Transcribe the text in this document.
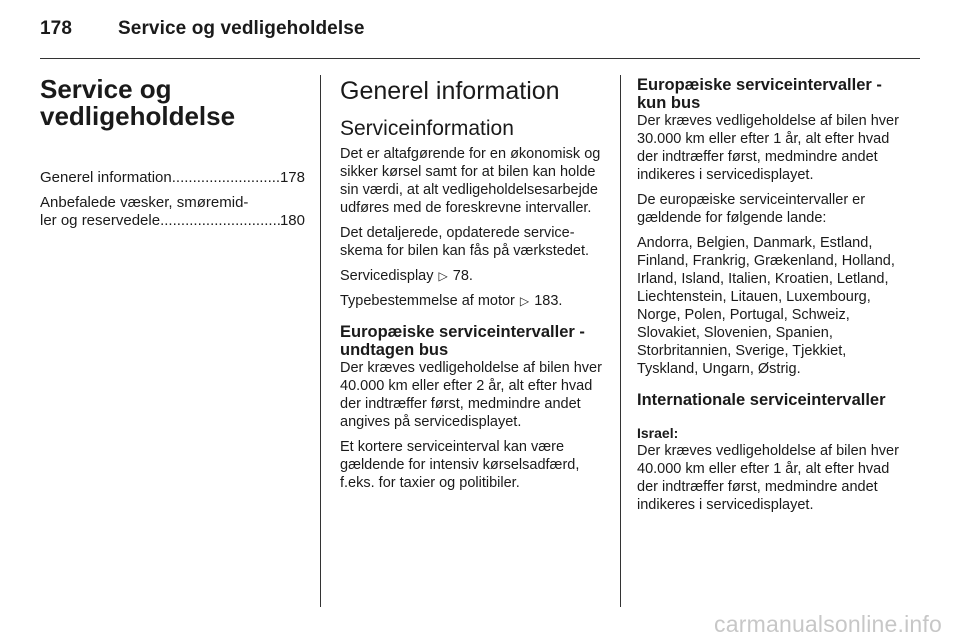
178 Service og vedligeholdelse
Service og vedligeholdelse
Generel information .....	178
Anbefalede væsker, smøremid-
ler og reservedele .....	180
Generel information
Serviceinformation

Det er altafgørende for en økonomisk og sikker kørsel samt for at bilen kan holde sin værdi, at alt vedligeholdelsesarbejde udføres med de foreskrevne intervaller.

Det detaljerede, opdaterede serviceskema for bilen kan fås på værkstedet.

Servicedisplay ▷ 78.

Typebestemmelse af motor ▷ 183.

Europæiske serviceintervaller - undtagen bus

Der kræves vedligeholdelse af bilen hver 40.000 km eller efter 2 år, alt efter hvad der indtræffer først, medmindre andet angives på servicedisplayet.

Et kortere serviceinterval kan være gældende for intensiv kørselsadfærd, f.eks. for taxier og politibiler.

Europæiske serviceintervaller - kun bus

Der kræves vedligeholdelse af bilen hver 30.000 km eller efter 1 år, alt efter hvad der indtræffer først, medmindre andet indikeres i servicedisplayet.

De europæiske serviceintervaller er gældende for følgende lande:

Andorra, Belgien, Danmark, Estland, Finland, Frankrig, Grækenland, Holland, Irland, Island, Italien, Kroatien, Letland, Liechtenstein, Litauen, Luxembourg, Norge, Polen, Portugal, Schweiz, Slovakiet, Slovenien, Spanien, Storbritannien, Sverige, Tjekkiet, Tyskland, Ungarn, Østrig.

Internationale serviceintervaller
Israel:

Der kræves vedligeholdelse af bilen hver 40.000 km eller efter 1 år, alt efter hvad der indtræffer først, medmindre andet indikeres i servicedisplayet.

carmanualsonline.info
